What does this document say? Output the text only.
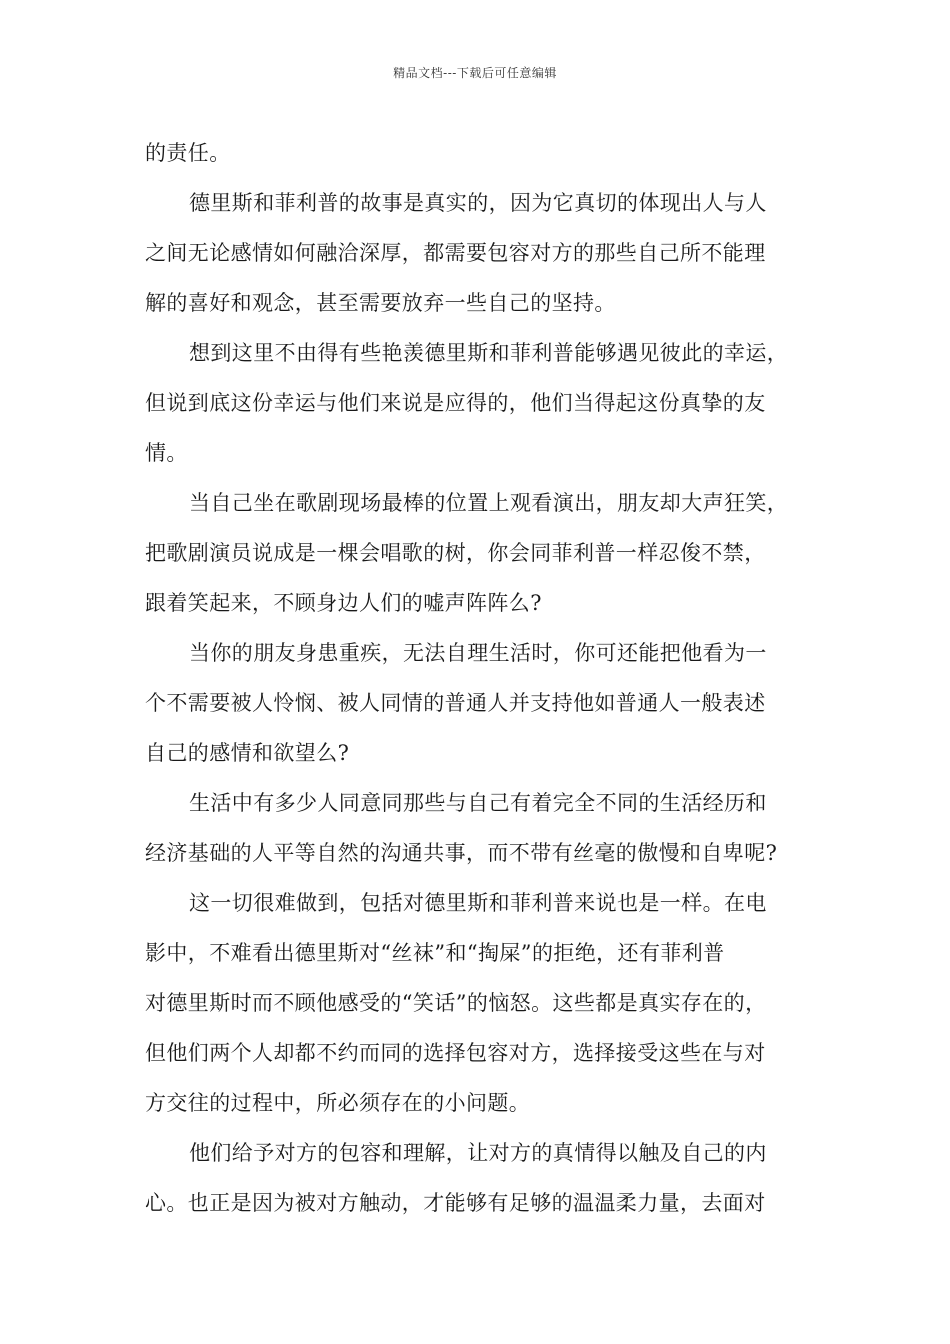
精品文档---下载后可任意编辑
的责任。
德里斯和菲利普的故事是真实的，因为它真切的体现出人与人
之间无论感情如何融洽深厚，都需要包容对方的那些自己所不能理
解的喜好和观念，甚至需要放弃一些自己的坚持。
想到这里不由得有些艳羡德里斯和菲利普能够遇见彼此的幸运，
但说到底这份幸运与他们来说是应得的，他们当得起这份真挚的友
情。
当自己坐在歌剧现场最棒的位置上观看演出，朋友却大声狂笑，
把歌剧演员说成是一棵会唱歌的树，你会同菲利普一样忍俊不禁，
跟着笑起来，不顾身边人们的嘘声阵阵么?
当你的朋友身患重疾，无法自理生活时，你可还能把他看为一
个不需要被人怜悯、被人同情的普通人并支持他如普通人一般表述
自己的感情和欲望么?
生活中有多少人同意同那些与自己有着完全不同的生活经历和
经济基础的人平等自然的沟通共事，而不带有丝毫的傲慢和自卑呢?
这一切很难做到，包括对德里斯和菲利普来说也是一样。在电
影中，不难看出德里斯对“丝袜”和“掏屎”的拒绝，还有菲利普
对德里斯时而不顾他感受的“笑话”的恼怒。这些都是真实存在的，
但他们两个人却都不约而同的选择包容对方，选择接受这些在与对
方交往的过程中，所必须存在的小问题。
他们给予对方的包容和理解，让对方的真情得以触及自己的内
心。也正是因为被对方触动，才能够有足够的温温柔力量，去面对
